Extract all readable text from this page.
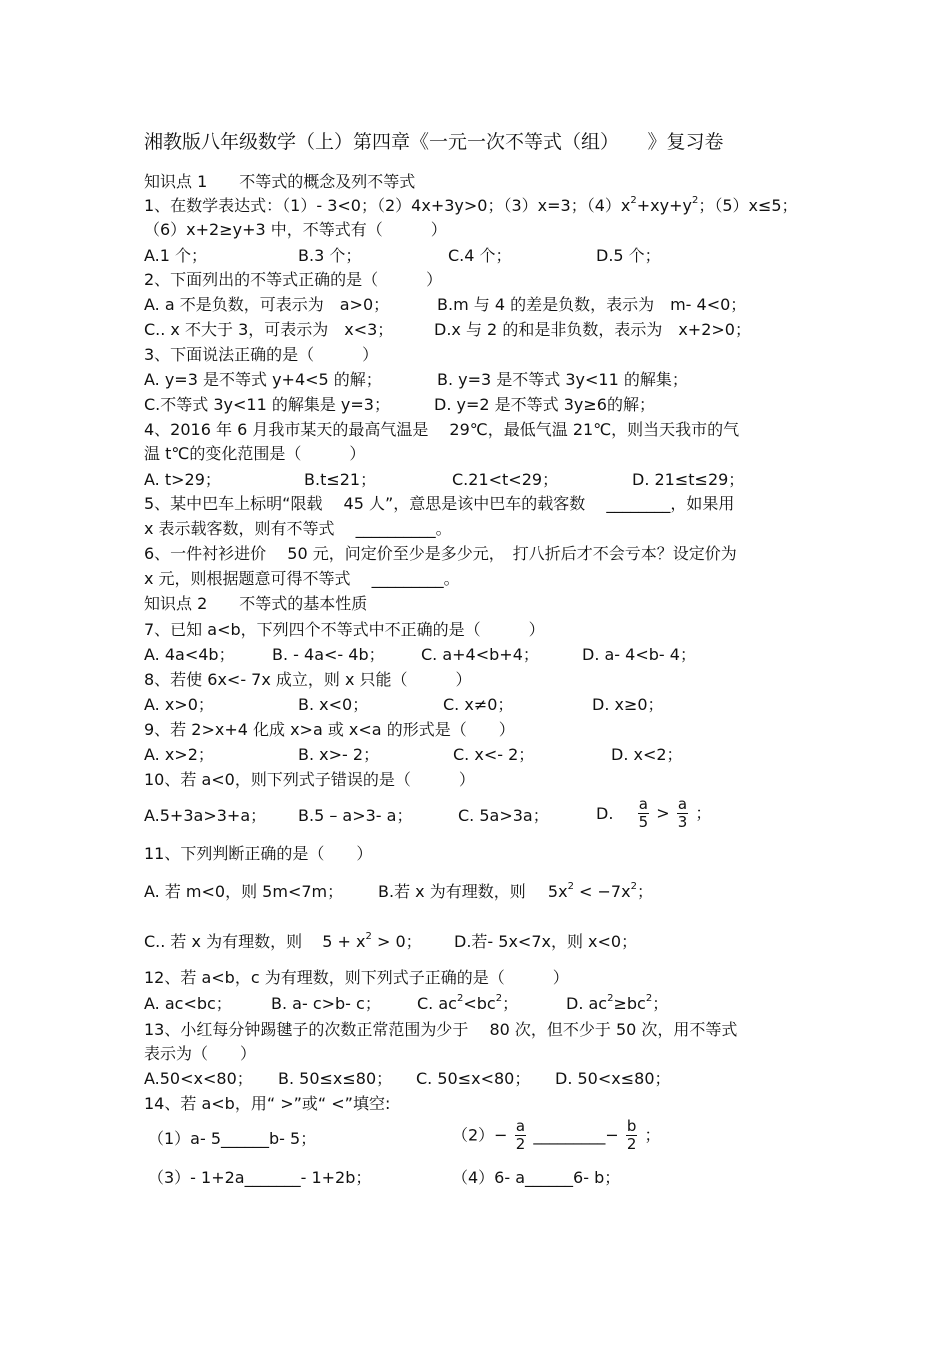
湘教版八年级数学（上）第四章《一元一次不等式（组）　　》复习卷
知识点 1　　不等式的概念及列不等式
1、在数学表达式：（1）- 3<0；（2）4x+3y>0；（3）x=3；$(4)x^2+xy+y^2$；（5）x≤5；
（6）x+2≥y+3 中，不等式有（　　　）
A.1 个；	B.3 个；	C.4 个；	D.5 个；
2、下面列出的不等式正确的是（　　　）
A. a 不是负数，可表示为　a>0；	B.m 与 4 的差是负数，表示为　m- 4<0；
C.. x 不大于 3，可表示为　x<3；	D.x 与 2 的和是非负数，表示为　x+2>0；
3、下面说法正确的是（　　　）
A. y=3 是不等式 y+4<5 的解；	B. y=3 是不等式 3y<11 的解集；
C.不等式 3y<11 的解集是 y=3；	D. y=2 是不等式 3y≥6的解；
4、2016 年 6 月我市某天的最高气温是　 29℃，最低气温 21℃，则当天我市的气
温 t℃的变化范围是（　　　）
A. t>29；	B.t≤21；	C.21<t<29；	D. 21≤t≤29；
5、某中巴车上标明“限载　 45 人”，意思是该中巴车的载客数　 ________，如果用
x 表示载客数，则有不等式　 __________。
6、一件衬衫进价　 50 元，问定价至少是多少元，　打八折后才不会亏本？设定价为
x 元，则根据题意可得不等式　 _________。
知识点 2　　不等式的基本性质
7、已知 a<b，下列四个不等式中不正确的是（　　　）
A. 4a<4b； B. - 4a<- 4b； C. a+4<b+4；	D. a- 4<b- 4；
8、若使 6x<- 7x 成立，则 x 只能（　　　）
A. x>0；	B. x<0；	C. x≠0；	D. x≥0；
9、若 2>x+4 化成 x>a 或 x<a 的形式是（　　）
A. x>2；	B. x>- 2；	C. x<- 2；	D. x<2；
10、若 a<0，则下列式子错误的是（　　　）
A.5+3a>3+a； B.5 – a>3- a；	C. 5a>3a；	D. $\frac{a}{5} > \frac{a}{3}$ ；
11、下列判断正确的是（　　）
A. 若 m<0，则 5m<7m； B.若 x 为有理数，则 $5x^2 < -7x^2$；
C.. 若 x 为有理数，则 $5 + x^2 > 0$； D.若- 5x<7x，则 x<0；
12、若 a<b，c 为有理数，则下列式子正确的是（　　　）
A. ac<bc； B. a- c>b- c； C. $ac^2<bc^2$；	D. $ac^2\ge bc^2$；
13、小红每分钟踢毽子的次数正常范围为少于　 80 次，但不少于 50 次，用不等式
表示为（　　）
A.50<x<80； B. 50≤x≤80； C. 50≤x<80； D. 50<x≤80；
14、若 a<b，用“ >”或“ <”填空:
（1）a- 5______b- 5；	$(2)- \frac{a}{2}$ _________− $\frac{b}{2}$ ；
（3）- 1+2a_______- 1+2b；	（4）6- a______6- b；
